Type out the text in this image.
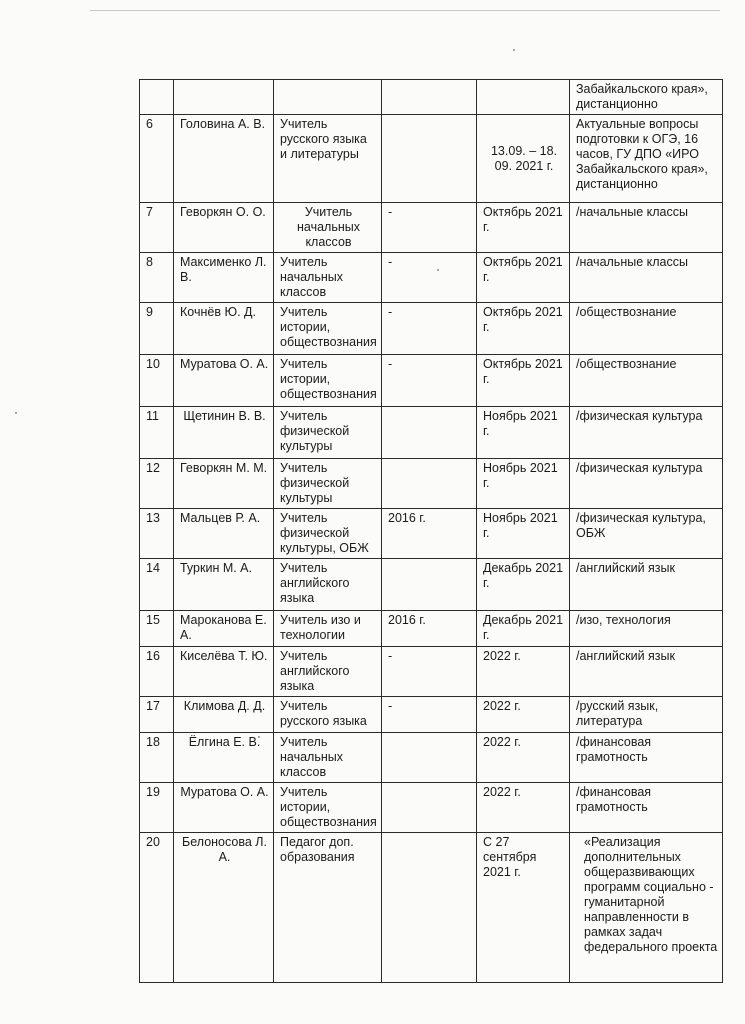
					Забайкальского края», дистанционно
6	Головина А. В.	Учитель русского языка и литературы		13.09. – 18. 09. 2021 г.	Актуальные вопросы подготовки к ОГЭ, 16 часов, ГУ ДПО «ИРО Забайкальского края», дистанционно
7	Геворкян О. О.	Учитель начальных классов	-	Октябрь 2021 г.	/начальные классы
8	Максименко Л. В.	Учитель начальных классов	-	Октябрь 2021 г.	/начальные классы
9	Кочнёв Ю. Д.	Учитель истории, обществознания	-	Октябрь 2021 г.	/обществознание
10	Муратова О. А.	Учитель истории, обществознания	-	Октябрь 2021 г.	/обществознание
11	Щетинин В. В.	Учитель физической культуры		Ноябрь 2021 г.	/физическая культура
12	Геворкян М. М.	Учитель физической культуры		Ноябрь 2021 г.	/физическая культура
13	Мальцев Р. А.	Учитель физической культуры, ОБЖ	2016 г.	Ноябрь 2021 г.	/физическая культура, ОБЖ
14	Туркин М. А.	Учитель английского языка		Декабрь 2021 г.	/английский язык
15	Мароканова Е. А.	Учитель изо и технологии	2016 г.	Декабрь 2021 г.	/изо, технология
16	Киселёва Т. Ю.	Учитель английского языка	-	2022 г.	/английский язык
17	Климова Д. Д.	Учитель русского языка	-	2022 г.	/русский язык, литература
18	Ёлгина Е. В.	Учитель начальных классов		2022 г.	/финансовая грамотность
19	Муратова О. А.	Учитель истории, обществознания		2022 г.	/финансовая грамотность
20	Белоносова Л. А.	Педагог доп. образования		С 27 сентября 2021 г.	«Реализация дополнительных общеразвивающих программ социально - гуманитарной направленности в рамках задач федерального проекта
